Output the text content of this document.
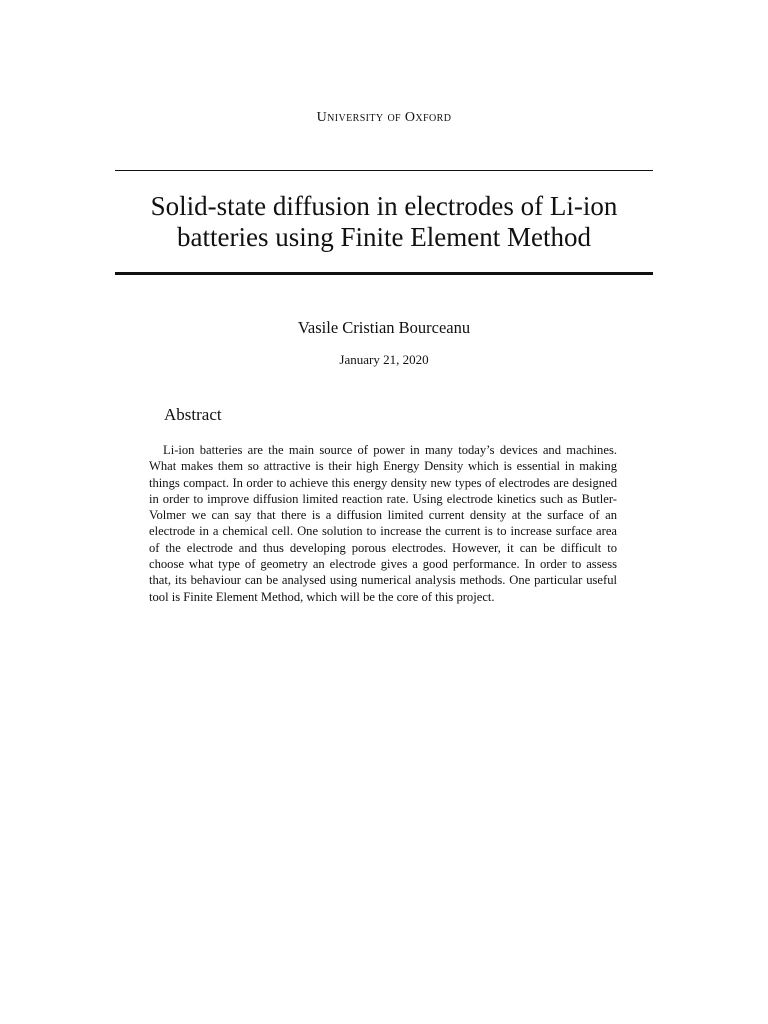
University of Oxford
Solid-state diffusion in electrodes of Li-ion batteries using Finite Element Method
Vasile Cristian Bourceanu
January 21, 2020
Abstract

Li-ion batteries are the main source of power in many today’s devices and machines. What makes them so attractive is their high Energy Density which is essential in making things compact. In order to achieve this energy density new types of electrodes are designed in order to improve diffusion limited reaction rate. Using electrode kinetics such as Butler-Volmer we can say that there is a diffusion limited current density at the surface of an electrode in a chemical cell. One solution to increase the current is to increase surface area of the electrode and thus developing porous electrodes. However, it can be difficult to choose what type of geometry an electrode gives a good performance. In order to assess that, its behaviour can be analysed using numerical analysis methods. One particular useful tool is Finite Element Method, which will be the core of this project.
